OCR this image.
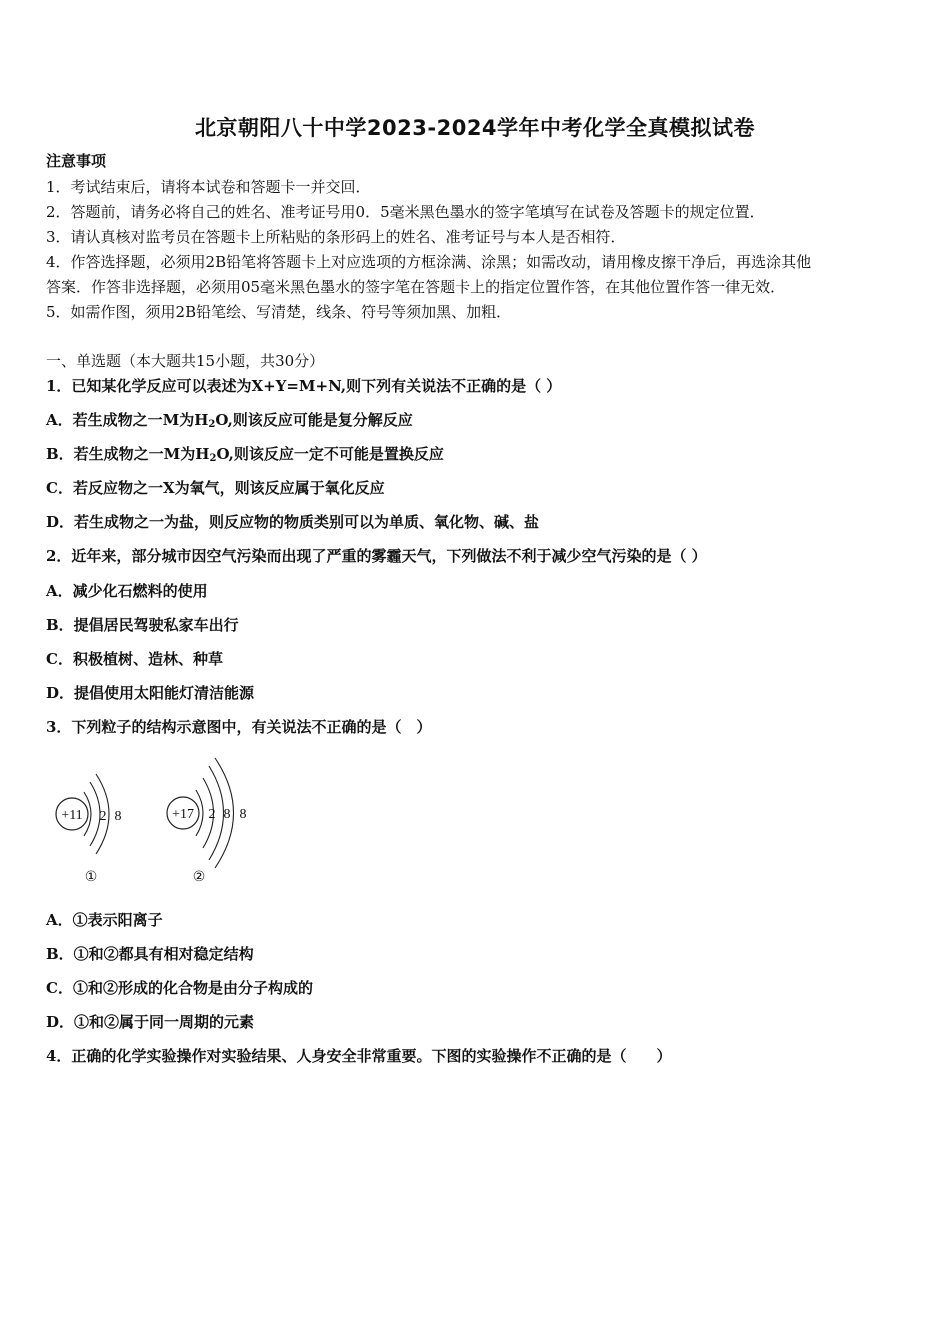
北京朝阳八十中学2023-2024学年中考化学全真模拟试卷
注意事项
1．考试结束后，请将本试卷和答题卡一并交回．
2．答题前，请务必将自己的姓名、准考证号用0．5毫米黑色墨水的签字笔填写在试卷及答题卡的规定位置．
3．请认真核对监考员在答题卡上所粘贴的条形码上的姓名、准考证号与本人是否相符．
4．作答选择题，必须用2B铅笔将答题卡上对应选项的方框涂满、涂黑；如需改动，请用橡皮擦干净后，再选涂其他
答案．作答非选择题，必须用05毫米黑色墨水的签字笔在答题卡上的指定位置作答，在其他位置作答一律无效．
5．如需作图，须用2B铅笔绘、写清楚，线条、符号等须加黑、加粗．
一、单选题（本大题共15小题，共30分）
1．已知某化学反应可以表述为X+Y=M+N,则下列有关说法不正确的是（ ）
A．若生成物之一M为$H_2O$,则该反应可能是复分解反应
B．若生成物之一M为$H_2O$,则该反应一定不可能是置换反应
C．若反应物之一X为氧气，则该反应属于氧化反应
D．若生成物之一为盐，则反应物的物质类别可以为单质、氧化物、碱、盐
2．近年来，部分城市因空气污染而出现了严重的雾霾天气，下列做法不利于减少空气污染的是（ ）
A．减少化石燃料的使用
B．提倡居民驾驶私家车出行
C．积极植树、造林、种草
D．提倡使用太阳能灯清洁能源
3．下列粒子的结构示意图中，有关说法不正确的是（　）
+11 2 8
①
+17 2 8 8
②
A．①表示阳离子
B．①和②都具有相对稳定结构
C．①和②形成的化合物是由分子构成的
D．①和②属于同一周期的元素
4．正确的化学实验操作对实验结果、人身安全非常重要。下图的实验操作不正确的是（　　）
